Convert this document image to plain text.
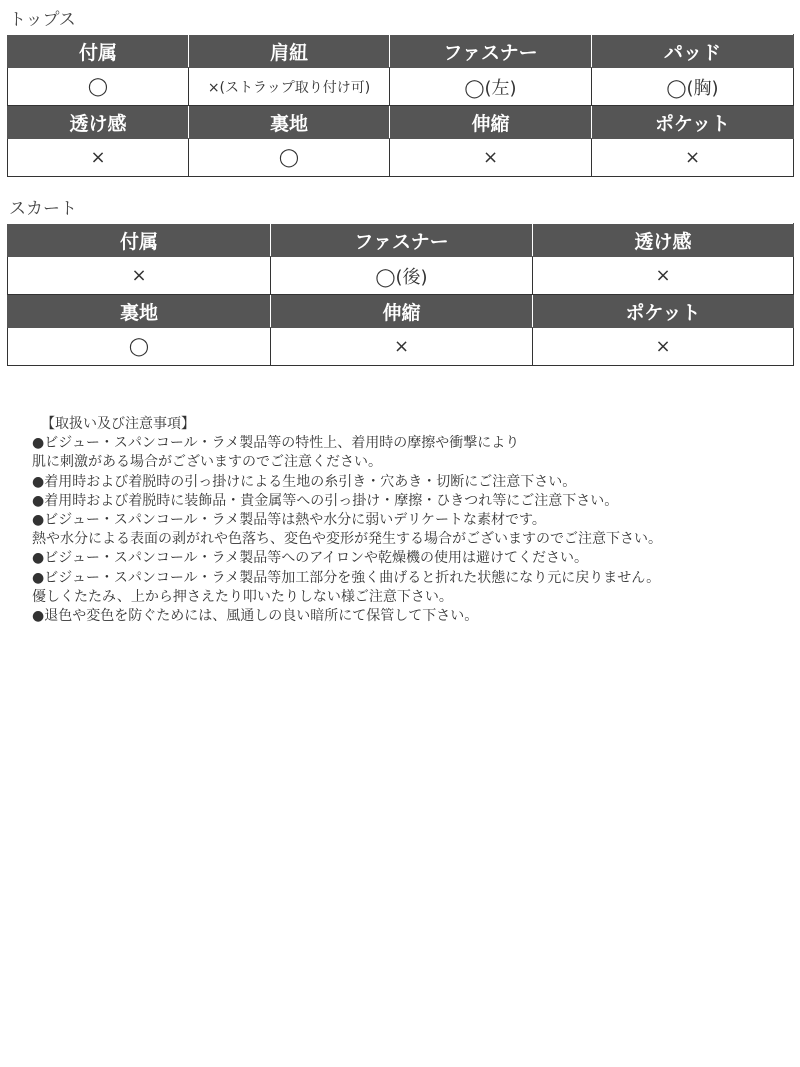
トップス
付属	肩紐	ファスナー	パッド
◯	×(ストラップ取り付け可)	◯(左)	◯(胸)
透け感	裏地	伸縮	ポケット
×	◯	×	×
スカート
付属	ファスナー	透け感
×	◯(後)	×
裏地	伸縮	ポケット
◯	×	×

【取扱い及び注意事項】

●ビジュー・スパンコール・ラメ製品等の特性上、着用時の摩擦や衝撃により

肌に刺激がある場合がございますのでご注意ください。

●着用時および着脱時の引っ掛けによる生地の糸引き・穴あき・切断にご注意下さい。

●着用時および着脱時に装飾品・貴金属等への引っ掛け・摩擦・ひきつれ等にご注意下さい。

●ビジュー・スパンコール・ラメ製品等は熱や水分に弱いデリケートな素材です。

熱や水分による表面の剥がれや色落ち、変色や変形が発生する場合がございますのでご注意下さい。

●ビジュー・スパンコール・ラメ製品等へのアイロンや乾燥機の使用は避けてください。

●ビジュー・スパンコール・ラメ製品等加工部分を強く曲げると折れた状態になり元に戻りません。

優しくたたみ、上から押さえたり叩いたりしない様ご注意下さい。

●退色や変色を防ぐためには、風通しの良い暗所にて保管して下さい。
